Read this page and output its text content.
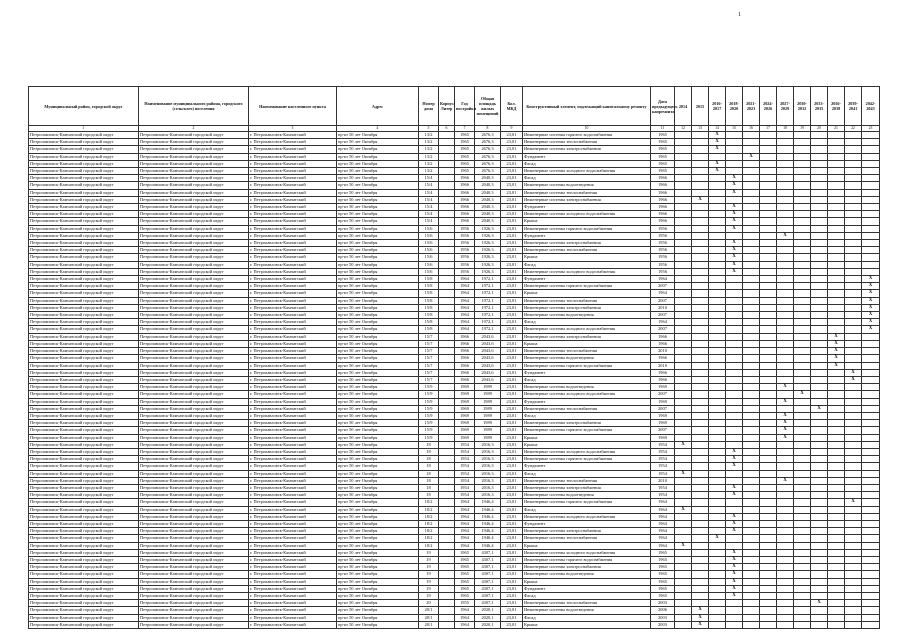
1
Муниципальный район, городской округ	Наименование муниципального района, городского (сельского) поселения	Наименование населенного пункта	Адрес	Номер дома	Корпус/Литер	Год постройки	Общая площадь жилых помещений	Кол. МКД	Конструктивный элемент, подлежащий капитальному ремонту	Дата предыдущего капремонта	2014	2015	2016-2017	2018-2020	2021-2023	2024-2026	2027-2029	2030-2032	2033-2035	2036-2038	2039-2041	2042-2043
1	2	3	4	5	6	7	8	9	10	11	12	13	14	15	16	17	18	19	20	21	22	23
Петропавловск-Камчатский городской округ	Петропавловск-Камчатский городской округ	г. Петропавловск-Камчатский	пр-кт 50 лет Октября	13/2		1965	2676,3	23,01	Инженерные системы горячего водоснабжения	1965			X									
Петропавловск-Камчатский городской округ	Петропавловск-Камчатский городской округ	г. Петропавловск-Камчатский	пр-кт 50 лет Октября	13/2		1965	2676,3	23,01	Инженерные системы теплоснабжения	1965			X									
Петропавловск-Камчатский городской округ	Петропавловск-Камчатский городской округ	г. Петропавловск-Камчатский	пр-кт 50 лет Октября	13/2		1965	2676,3	23,01	Инженерные системы электроснабжения	1965			X									
Петропавловск-Камчатский городской округ	Петропавловск-Камчатский городской округ	г. Петропавловск-Камчатский	пр-кт 50 лет Октября	13/2		1965	2676,3	23,01	Фундамент	1965					X							
Петропавловск-Камчатский городской округ	Петропавловск-Камчатский городской округ	г. Петропавловск-Камчатский	пр-кт 50 лет Октября	13/2		1965	2676,3	23,01	Фасад	1965			X									
Петропавловск-Камчатский городской округ	Петропавловск-Камчатский городской округ	г. Петропавловск-Камчатский	пр-кт 50 лет Октября	13/2		1965	2676,3	23,01	Инженерные системы холодного водоснабжения	1965			X									
Петропавловск-Камчатский городской округ	Петропавловск-Камчатский городской округ	г. Петропавловск-Камчатский	пр-кт 50 лет Октября	15/4		1966	2040,3	23,01	Фасад	1966				X								
Петропавловск-Камчатский городской округ	Петропавловск-Камчатский городской округ	г. Петропавловск-Камчатский	пр-кт 50 лет Октября	15/4		1966	2040,3	23,01	Инженерные системы водоотведения	1966				X								
Петропавловск-Камчатский городской округ	Петропавловск-Камчатский городской округ	г. Петропавловск-Камчатский	пр-кт 50 лет Октября	15/4		1966	2040,3	23,01	Инженерные системы теплоснабжения	1966				X								
Петропавловск-Камчатский городской округ	Петропавловск-Камчатский городской округ	г. Петропавловск-Камчатский	пр-кт 50 лет Октября	15/4		1966	2040,3	23,01	Инженерные системы электроснабжения	1966		X										
Петропавловск-Камчатский городской округ	Петропавловск-Камчатский городской округ	г. Петропавловск-Камчатский	пр-кт 50 лет Октября	15/4		1966	2040,3	23,01	Фундамент	1966				X								
Петропавловск-Камчатский городской округ	Петропавловск-Камчатский городской округ	г. Петропавловск-Камчатский	пр-кт 50 лет Октября	15/4		1966	2040,3	23,01	Инженерные системы холодного водоснабжения	1966				X								
Петропавловск-Камчатский городской округ	Петропавловск-Камчатский городской округ	г. Петропавловск-Камчатский	пр-кт 50 лет Октября	15/4		1966	2040,3	23,01	Крыша	1966				X								
Петропавловск-Камчатский городской округ	Петропавловск-Камчатский городской округ	г. Петропавловск-Камчатский	пр-кт 50 лет Октября	15/6		1956	1926,3	23,01	Инженерные системы горячего водоснабжения	1956				X								
Петропавловск-Камчатский городской округ	Петропавловск-Камчатский городской округ	г. Петропавловск-Камчатский	пр-кт 50 лет Октября	15/6		1956	1926,3	23,01	Фундамент	1956							X					
Петропавловск-Камчатский городской округ	Петропавловск-Камчатский городской округ	г. Петропавловск-Камчатский	пр-кт 50 лет Октября	15/6		1956	1926,3	23,01	Инженерные системы электроснабжения	1956				X								
Петропавловск-Камчатский городской округ	Петропавловск-Камчатский городской округ	г. Петропавловск-Камчатский	пр-кт 50 лет Октября	15/6		1956	1926,3	23,01	Инженерные системы теплоснабжения	1956				X								
Петропавловск-Камчатский городской округ	Петропавловск-Камчатский городской округ	г. Петропавловск-Камчатский	пр-кт 50 лет Октября	15/6		1956	1926,3	23,01	Крыша	1956				X								
Петропавловск-Камчатский городской округ	Петропавловск-Камчатский городской округ	г. Петропавловск-Камчатский	пр-кт 50 лет Октября	15/6		1956	1926,3	23,01	Фасад	1956				X								
Петропавловск-Камчатский городской округ	Петропавловск-Камчатский городской округ	г. Петропавловск-Камчатский	пр-кт 50 лет Октября	15/6		1956	1926,3	23,01	Инженерные системы холодного водоснабжения	1956				X								
Петропавловск-Камчатский городской округ	Петропавловск-Камчатский городской округ	г. Петропавловск-Камчатский	пр-кт 50 лет Октября	15/8		1964	1972,1	23,01	Фундамент	1964												X
Петропавловск-Камчатский городской округ	Петропавловск-Камчатский городской округ	г. Петропавловск-Камчатский	пр-кт 50 лет Октября	15/8		1964	1972,1	23,01	Инженерные системы горячего водоснабжения	2007												X
Петропавловск-Камчатский городской округ	Петропавловск-Камчатский городской округ	г. Петропавловск-Камчатский	пр-кт 50 лет Октября	15/8		1964	1972,1	23,01	Крыша	1964												X
Петропавловск-Камчатский городской округ	Петропавловск-Камчатский городской округ	г. Петропавловск-Камчатский	пр-кт 50 лет Октября	15/8		1964	1972,1	23,01	Инженерные системы теплоснабжения	2007												X
Петропавловск-Камчатский городской округ	Петропавловск-Камчатский городской округ	г. Петропавловск-Камчатский	пр-кт 50 лет Октября	15/8		1964	1972,1	23,01	Инженерные системы электроснабжения	2010												X
Петропавловск-Камчатский городской округ	Петропавловск-Камчатский городской округ	г. Петропавловск-Камчатский	пр-кт 50 лет Октября	15/8		1964	1972,1	23,01	Инженерные системы водоотведения	2007												X
Петропавловск-Камчатский городской округ	Петропавловск-Камчатский городской округ	г. Петропавловск-Камчатский	пр-кт 50 лет Октября	15/8		1964	1972,1	23,01	Фасад	1964												X
Петропавловск-Камчатский городской округ	Петропавловск-Камчатский городской округ	г. Петропавловск-Камчатский	пр-кт 50 лет Октября	15/8		1964	1972,1	23,01	Инженерные системы холодного водоснабжения	2007												X
Петропавловск-Камчатский городской округ	Петропавловск-Камчатский городской округ	г. Петропавловск-Камчатский	пр-кт 50 лет Октября	15/7		1966	2043,6	23,01	Инженерные системы электроснабжения	1966										X		
Петропавловск-Камчатский городской округ	Петропавловск-Камчатский городской округ	г. Петропавловск-Камчатский	пр-кт 50 лет Октября	15/7		1966	2043,6	23,01	Крыша	1966										X		
Петропавловск-Камчатский городской округ	Петропавловск-Камчатский городской округ	г. Петропавловск-Камчатский	пр-кт 50 лет Октября	15/7		1966	2043,6	23,01	Инженерные системы теплоснабжения	2010										X		
Петропавловск-Камчатский городской округ	Петропавловск-Камчатский городской округ	г. Петропавловск-Камчатский	пр-кт 50 лет Октября	15/7		1966	2043,6	23,01	Инженерные системы водоотведения	1966										X		
Петропавловск-Камчатский городской округ	Петропавловск-Камчатский городской округ	г. Петропавловск-Камчатский	пр-кт 50 лет Октября	15/7		1966	2043,6	23,01	Инженерные системы горячего водоснабжения	2010										X		
Петропавловск-Камчатский городской округ	Петропавловск-Камчатский городской округ	г. Петропавловск-Камчатский	пр-кт 50 лет Октября	15/7		1966	2043,6	23,01	Фундамент	1966											X	
Петропавловск-Камчатский городской округ	Петропавловск-Камчатский городской округ	г. Петропавловск-Камчатский	пр-кт 50 лет Октября	15/7		1966	2043,6	23,01	Фасад	1966											X	
Петропавловск-Камчатский городской округ	Петропавловск-Камчатский городской округ	г. Петропавловск-Камчатский	пр-кт 50 лет Октября	15/9		1969	1989	23,01	Инженерные системы водоотведения	1969							X					
Петропавловск-Камчатский городской округ	Петропавловск-Камчатский городской округ	г. Петропавловск-Камчатский	пр-кт 50 лет Октября	15/9		1969	1989	23,01	Инженерные системы холодного водоснабжения	2007								X				
Петропавловск-Камчатский городской округ	Петропавловск-Камчатский городской округ	г. Петропавловск-Камчатский	пр-кт 50 лет Октября	15/9		1969	1989	23,01	Фундамент	1969							X					
Петропавловск-Камчатский городской округ	Петропавловск-Камчатский городской округ	г. Петропавловск-Камчатский	пр-кт 50 лет Октября	15/9		1969	1989	23,01	Инженерные системы теплоснабжения	2007									X			
Петропавловск-Камчатский городской округ	Петропавловск-Камчатский городской округ	г. Петропавловск-Камчатский	пр-кт 50 лет Октября	15/9		1969	1989	23,01	Фасад	1969							X					
Петропавловск-Камчатский городской округ	Петропавловск-Камчатский городской округ	г. Петропавловск-Камчатский	пр-кт 50 лет Октября	15/9		1969	1989	23,01	Инженерные системы электроснабжения	1969							X					
Петропавловск-Камчатский городской округ	Петропавловск-Камчатский городской округ	г. Петропавловск-Камчатский	пр-кт 50 лет Октября	15/9		1969	1989	23,01	Инженерные системы горячего водоснабжения	2007							X					
Петропавловск-Камчатский городской округ	Петропавловск-Камчатский городской округ	г. Петропавловск-Камчатский	пр-кт 50 лет Октября	15/9		1969	1989	23,01	Крыша	1969							X					
Петропавловск-Камчатский городской округ	Петропавловск-Камчатский городской округ	г. Петропавловск-Камчатский	пр-кт 50 лет Октября	18		1954	2016,3	23,01	Крыша	1954	X											
Петропавловск-Камчатский городской округ	Петропавловск-Камчатский городской округ	г. Петропавловск-Камчатский	пр-кт 50 лет Октября	18		1954	2016,3	23,01	Инженерные системы холодного водоснабжения	1954				X								
Петропавловск-Камчатский городской округ	Петропавловск-Камчатский городской округ	г. Петропавловск-Камчатский	пр-кт 50 лет Октября	18		1954	2016,3	23,01	Инженерные системы горячего водоснабжения	1954				X								
Петропавловск-Камчатский городской округ	Петропавловск-Камчатский городской округ	г. Петропавловск-Камчатский	пр-кт 50 лет Октября	18		1954	2016,3	23,01	Фундамент	1954				X								
Петропавловск-Камчатский городской округ	Петропавловск-Камчатский городской округ	г. Петропавловск-Камчатский	пр-кт 50 лет Октября	18		1954	2016,3	23,01	Фасад	1954	X											
Петропавловск-Камчатский городской округ	Петропавловск-Камчатский городской округ	г. Петропавловск-Камчатский	пр-кт 50 лет Октября	18		1954	2016,3	23,01	Инженерные системы теплоснабжения	2010							X					
Петропавловск-Камчатский городской округ	Петропавловск-Камчатский городской округ	г. Петропавловск-Камчатский	пр-кт 50 лет Октября	18		1954	2016,3	23,01	Инженерные системы электроснабжения	1954				X								
Петропавловск-Камчатский городской округ	Петропавловск-Камчатский городской округ	г. Петропавловск-Камчатский	пр-кт 50 лет Октября	18		1954	2016,3	23,01	Инженерные системы водоотведения	1954				X								
Петропавловск-Камчатский городской округ	Петропавловск-Камчатский городской округ	г. Петропавловск-Камчатский	пр-кт 50 лет Октября	18/2		1964	1946,4	23,01	Инженерные системы горячего водоснабжения	1964											X	
Петропавловск-Камчатский городской округ	Петропавловск-Камчатский городской округ	г. Петропавловск-Камчатский	пр-кт 50 лет Октября	18/2		1964	1946,4	23,01	Фасад	1964	X											
Петропавловск-Камчатский городской округ	Петропавловск-Камчатский городской округ	г. Петропавловск-Камчатский	пр-кт 50 лет Октября	18/2		1964	1946,4	23,01	Инженерные системы холодного водоснабжения	1964				X								
Петропавловск-Камчатский городской округ	Петропавловск-Камчатский городской округ	г. Петропавловск-Камчатский	пр-кт 50 лет Октября	18/2		1964	1946,4	23,01	Фундамент	1964				X								
Петропавловск-Камчатский городской округ	Петропавловск-Камчатский городской округ	г. Петропавловск-Камчатский	пр-кт 50 лет Октября	18/2		1964	1946,4	23,01	Инженерные системы электроснабжения	1964				X								
Петропавловск-Камчатский городской округ	Петропавловск-Камчатский городской округ	г. Петропавловск-Камчатский	пр-кт 50 лет Октября	18/2		1964	1946,4	23,01	Инженерные системы теплоснабжения	1964			X									
Петропавловск-Камчатский городской округ	Петропавловск-Камчатский городской округ	г. Петропавловск-Камчатский	пр-кт 50 лет Октября	18/2		1964	1946,4	23,01	Крыша	1964	X											
Петропавловск-Камчатский городской округ	Петропавловск-Камчатский городской округ	г. Петропавловск-Камчатский	пр-кт 50 лет Октября	19		1965	4307,1	23,01	Инженерные системы холодного водоснабжения	1965				X								
Петропавловск-Камчатский городской округ	Петропавловск-Камчатский городской округ	г. Петропавловск-Камчатский	пр-кт 50 лет Октября	19		1965	4307,1	23,01	Инженерные системы горячего водоснабжения	1965				X								
Петропавловск-Камчатский городской округ	Петропавловск-Камчатский городской округ	г. Петропавловск-Камчатский	пр-кт 50 лет Октября	19		1965	4307,1	23,01	Инженерные системы электроснабжения	1965				X								
Петропавловск-Камчатский городской округ	Петропавловск-Камчатский городской округ	г. Петропавловск-Камчатский	пр-кт 50 лет Октября	19		1965	4307,1	23,01	Инженерные системы водоотведения	1965				X								
Петропавловск-Камчатский городской округ	Петропавловск-Камчатский городской округ	г. Петропавловск-Камчатский	пр-кт 50 лет Октября	19		1965	4307,1	23,01	Крыша	1965				X								
Петропавловск-Камчатский городской округ	Петропавловск-Камчатский городской округ	г. Петропавловск-Камчатский	пр-кт 50 лет Октября	19		1965	4307,1	23,01	Фундамент	1965				X								
Петропавловск-Камчатский городской округ	Петропавловск-Камчатский городской округ	г. Петропавловск-Камчатский	пр-кт 50 лет Октября	19		1965	4307,1	23,01	Фасад	1965				X								
Петропавловск-Камчатский городской округ	Петропавловск-Камчатский городской округ	г. Петропавловск-Камчатский	пр-кт 50 лет Октября	20		1955	4307,1	23,01	Инженерные системы теплоснабжения	2003									X			
Петропавловск-Камчатский городской округ	Петропавловск-Камчатский городской округ	г. Петропавловск-Камчатский	пр-кт 50 лет Октября	20/1		1964	2020,1	23,01	Инженерные системы водоотведения	2006		X										
Петропавловск-Камчатский городской округ	Петропавловск-Камчатский городской округ	г. Петропавловск-Камчатский	пр-кт 50 лет Октября	20/1		1964	2020,1	23,01	Фасад	2003		X										
Петропавловск-Камчатский городской округ	Петропавловск-Камчатский городской округ	г. Петропавловск-Камчатский	пр-кт 50 лет Октября	20/1		1964	2020,1	23,01	Крыша	2003		X										
